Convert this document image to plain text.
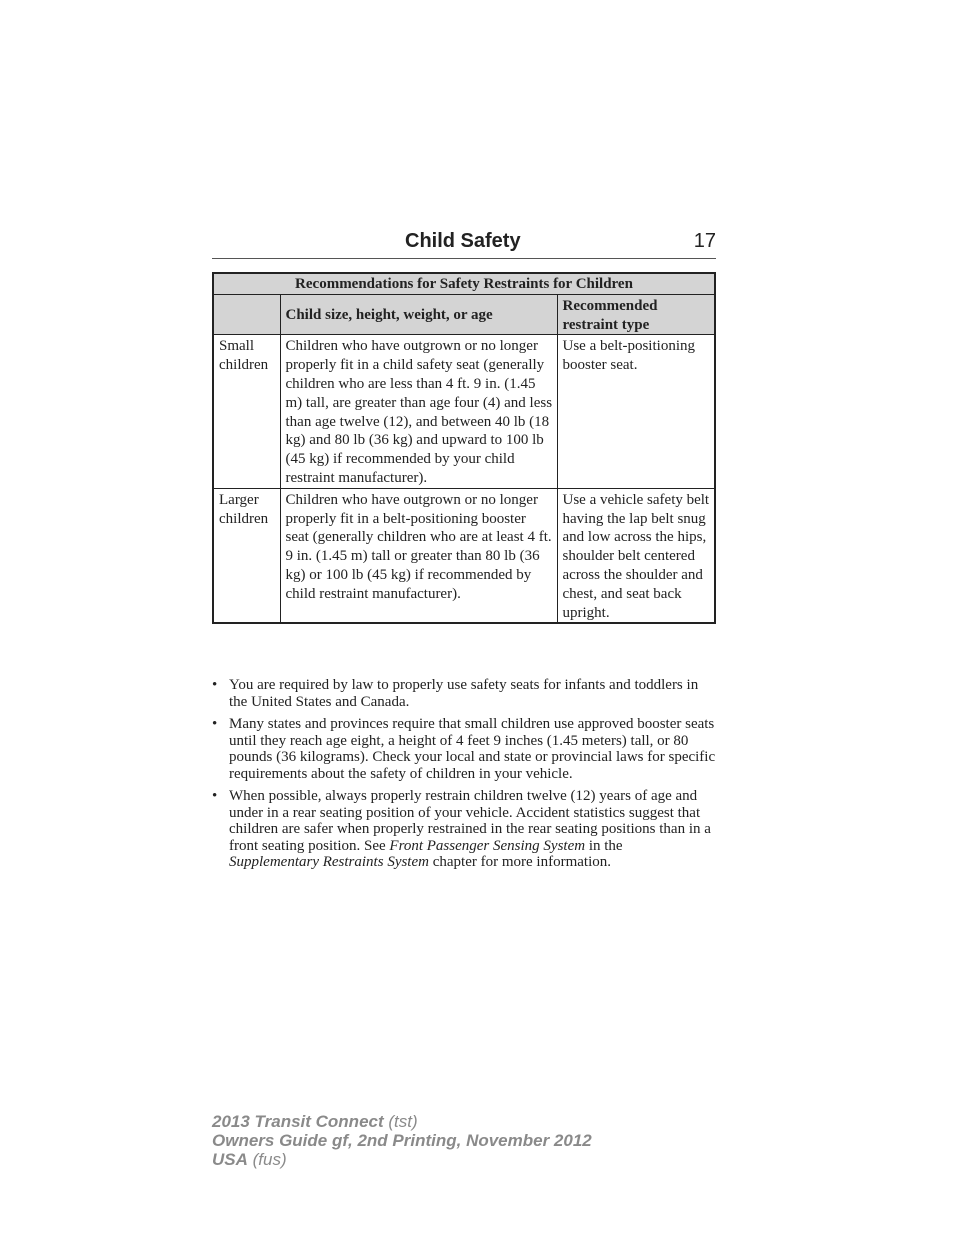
Child Safety	17
Recommendations for Safety Restraints for Children		
	Child size, height, weight, or age	Recommended restraint type
Small children	Children who have outgrown or no longer properly fit in a child safety seat (generally children who are less than 4 ft. 9 in. (1.45 m) tall, are greater than age four (4) and less than age twelve (12), and between 40 lb (18 kg) and 80 lb (36 kg) and upward to 100 lb (45 kg) if recommended by your child restraint manufacturer).	Use a belt-positioning booster seat.
Larger children	Children who have outgrown or no longer properly fit in a belt-positioning booster seat (generally children who are at least 4 ft. 9 in. (1.45 m) tall or greater than 80 lb (36 kg) or 100 lb (45 kg) if recommended by child restraint manufacturer).	Use a vehicle safety belt having the lap belt snug and low across the hips, shoulder belt centered across the shoulder and chest, and seat back upright.
• You are required by law to properly use safety seats for infants and toddlers in the United States and Canada.
• Many states and provinces require that small children use approved booster seats until they reach age eight, a height of 4 feet 9 inches (1.45 meters) tall, or 80 pounds (36 kilograms). Check your local and state or provincial laws for specific requirements about the safety of children in your vehicle.
• When possible, always properly restrain children twelve (12) years of age and under in a rear seating position of your vehicle. Accident statistics suggest that children are safer when properly restrained in the rear seating positions than in a front seating position. See Front Passenger Sensing System in the Supplementary Restraints System chapter for more information.
2013 Transit Connect (tst)
Owners Guide gf, 2nd Printing, November 2012
USA (fus)
